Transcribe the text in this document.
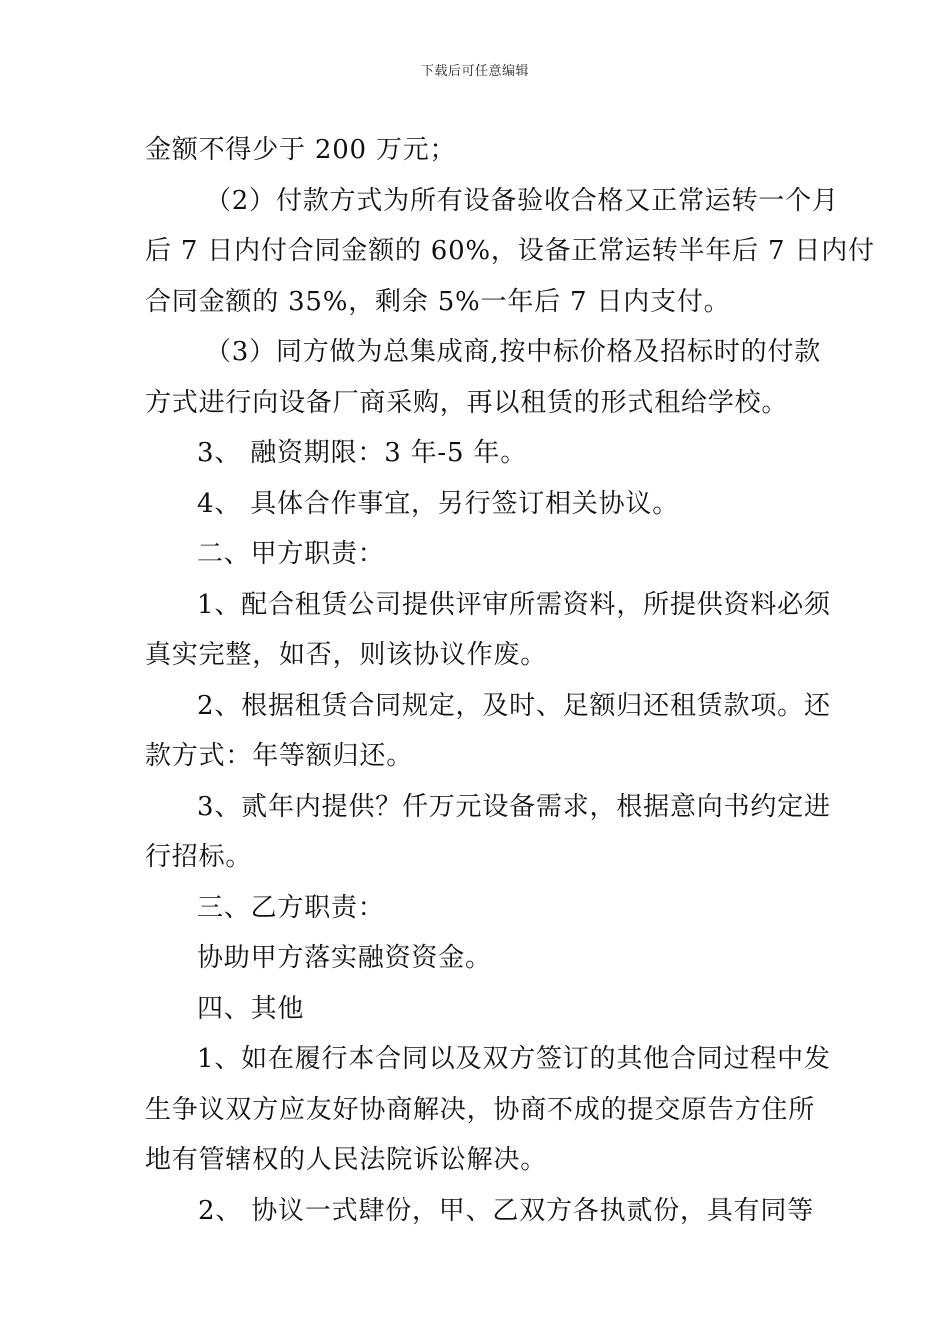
下载后可任意编辑
金额不得少于 200 万元；
（2）付款方式为所有设备验收合格又正常运转一个月
后 7 日内付合同金额的 60%，设备正常运转半年后 7 日内付
合同金额的 35%，剩余 5%一年后 7 日内支付。
（3）同方做为总集成商,按中标价格及招标时的付款
方式进行向设备厂商采购，再以租赁的形式租给学校。
3、 融资期限：3 年-5 年。
4、 具体合作事宜，另行签订相关协议。
二、甲方职责：
1、配合租赁公司提供评审所需资料，所提供资料必须
真实完整，如否，则该协议作废。
2、根据租赁合同规定，及时、足额归还租赁款项。还
款方式：年等额归还。
3、贰年内提供？仟万元设备需求，根据意向书约定进
行招标。
三、乙方职责：
协助甲方落实融资资金。
四、其他
1、如在履行本合同以及双方签订的其他合同过程中发
生争议双方应友好协商解决，协商不成的提交原告方住所
地有管辖权的人民法院诉讼解决。
2、 协议一式肆份，甲、乙双方各执贰份，具有同等
